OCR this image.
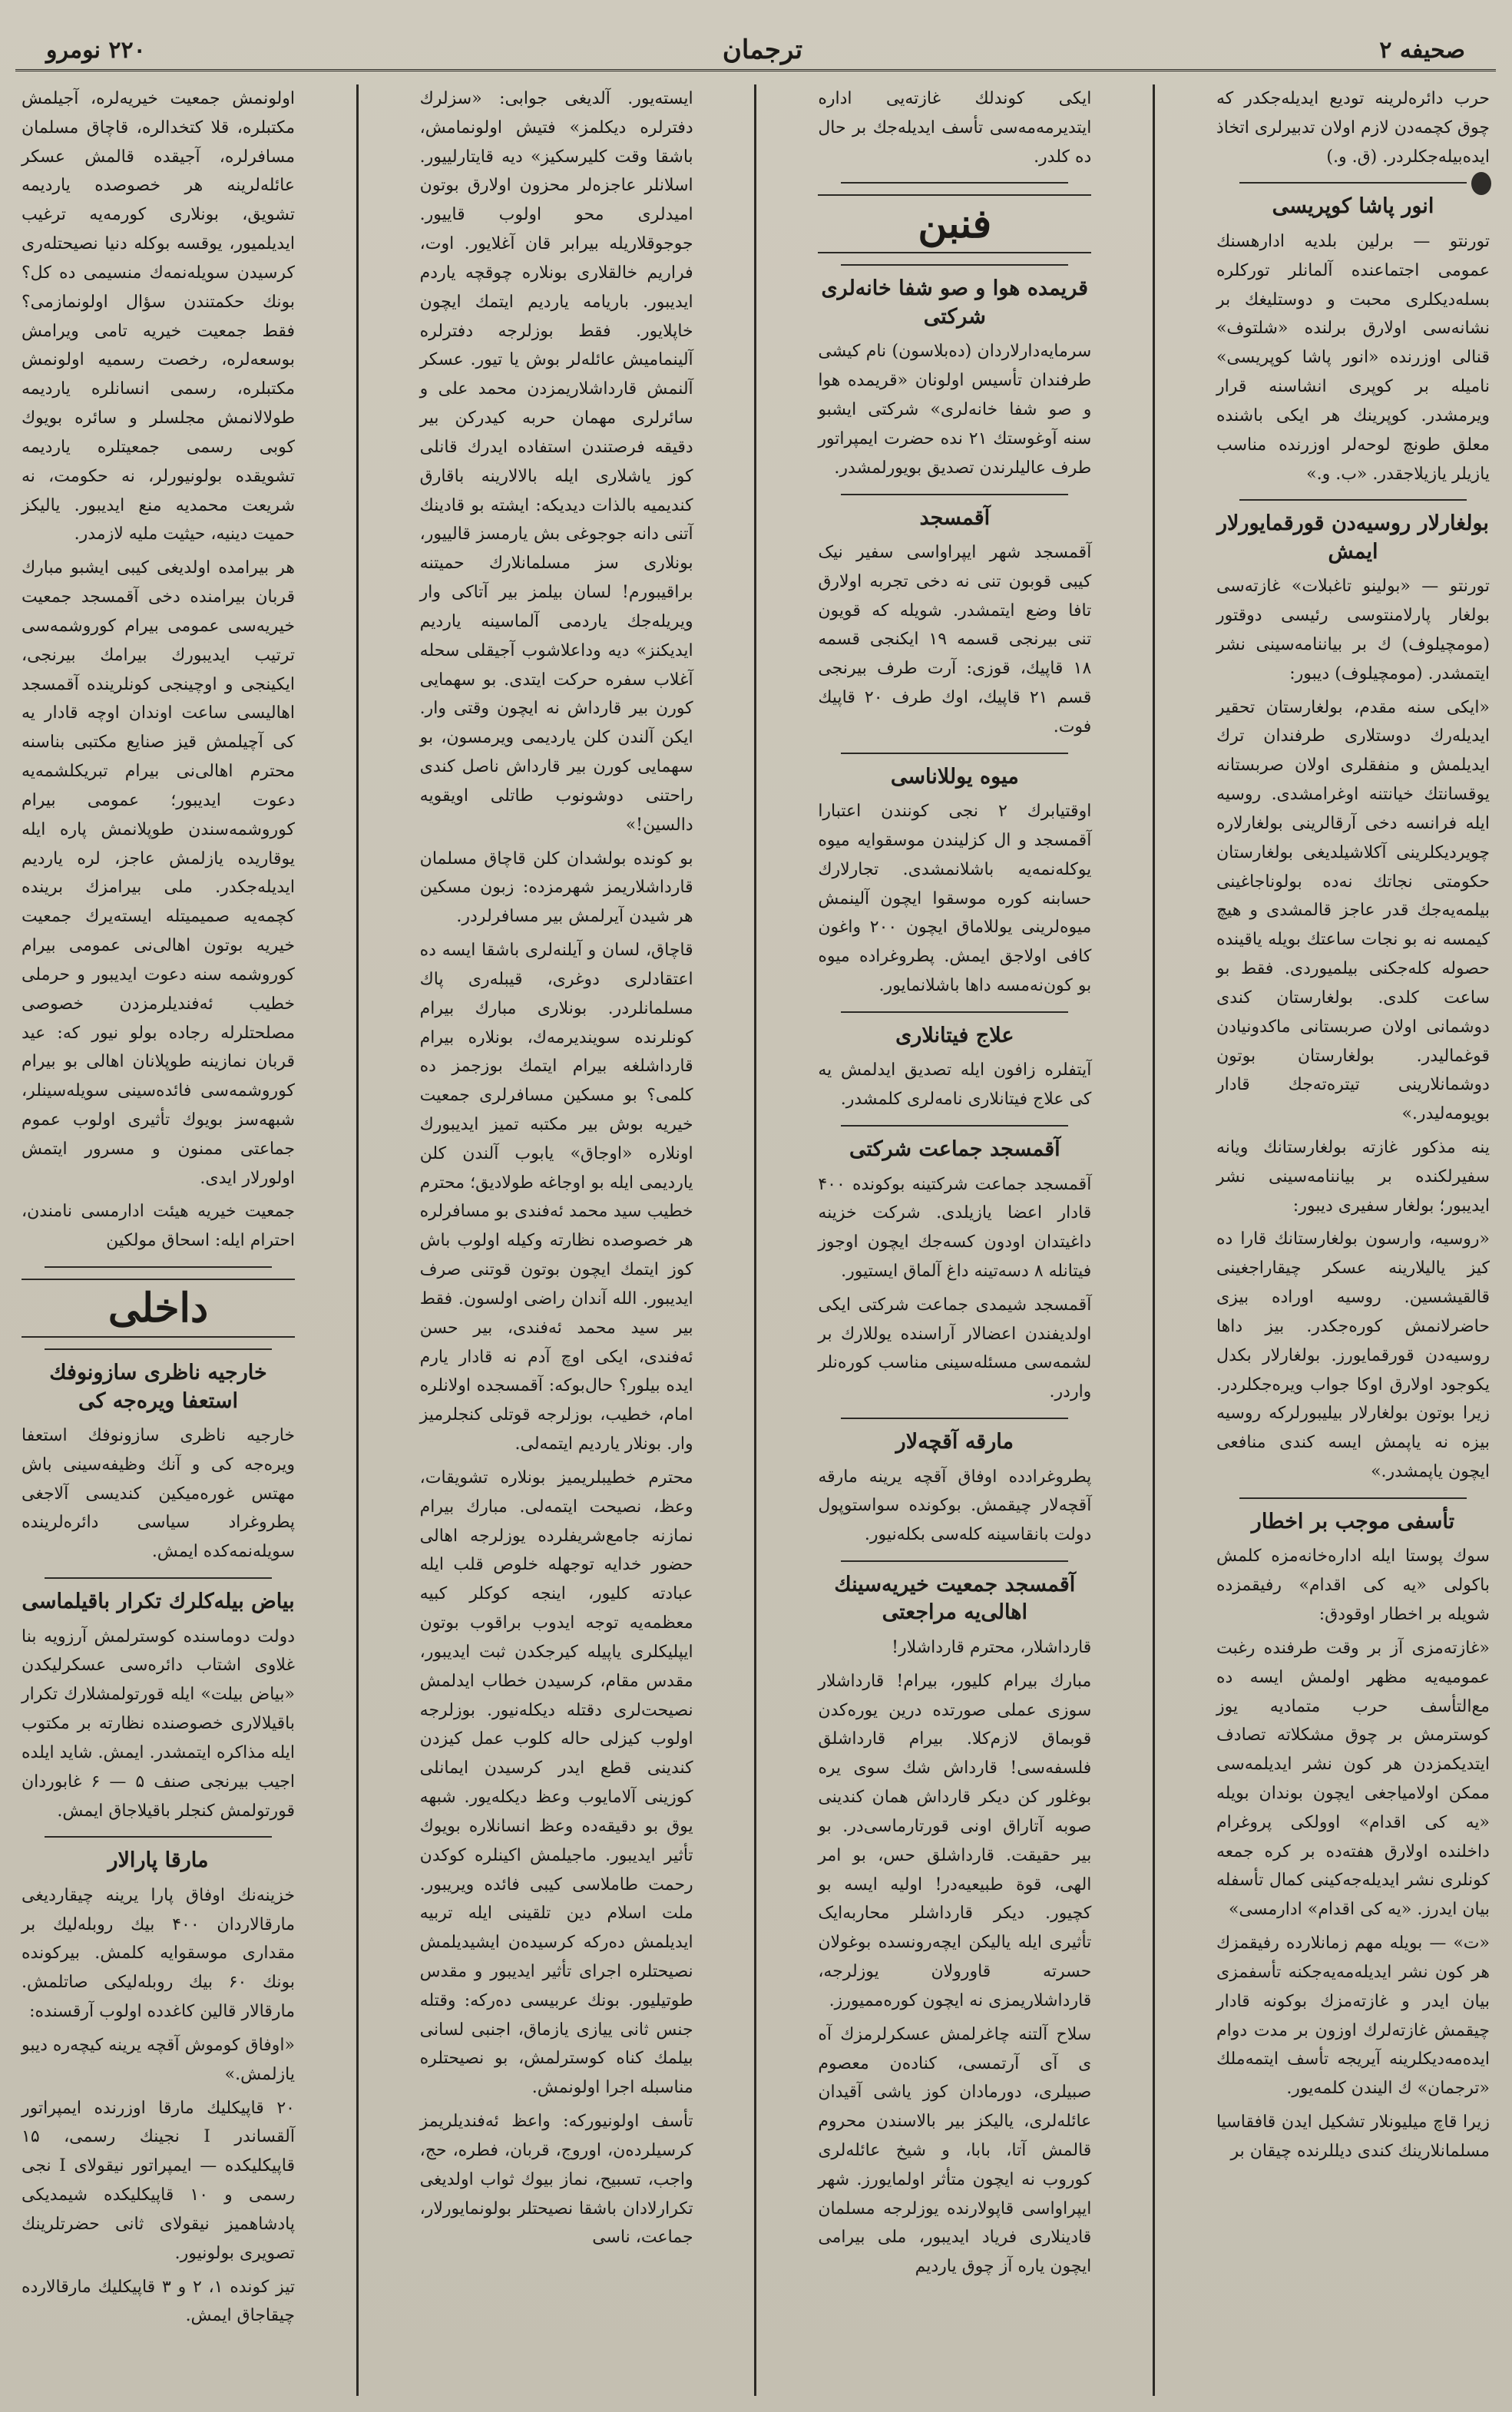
صحیفه ۲
ترجمان
۲۲۰ نومرو

حرب دائره‌لرینه تودیع ایدیله‌جکدر که چوق کچمه‌دن لازم اولان تدبیرلری اتخاذ ایده‌بیله‌جکلردر. (ق. و.)

انور پاشا کوپریسی

تورنتو — برلین بلدیه ادارهسنك عمومی اجتماعنده آلمانلر تورکلره بسله‌دیکلری محبت و دوستلیغك بر نشانه‌سی اولارق برلنده «شلتوف» قنالی اوزرنده «انور پاشا کوپریسی» نامیله بر کوپری انشاسنه قرار ویرمشدر. کوپرینك هر ایکی باشنده معلق طونچ لوحه‌لر اوزرنده مناسب یازیلر یازیلاجقدر. «ب. و.»

بولغارلار روسیه‌دن قورقمایورلار ایمش

تورنتو — «بولینو تاغبلات» غازته‌سی بولغار پارلامنتوسی رئیسی دوقتور (مومچیلوف) ك بر بیاننامه‌سینی نشر ایتمشدر. (مومچیلوف) دیبور:

«ایکی سنه مقدم، بولغارستان تحقیر ایدیله‌رك دوستلاری طرفندان ترك ایدیلمش و منفقلری اولان صربستانه یوقسانتك خیانتنه اوغرامشدی. روسیه ایله فرانسه دخی آرقالرینی بولغارلاره چویردیکلرینی آکلاشیلدیغی بولغارستان حکومتی نجاتك نه‌ده بولوناجاغینی بیلمه‌یه‌جك قدر عاجز قالمشدی و هیچ کیمسه نه بو نجات ساعتك بویله یاقینده حصوله کله‌جکنی بیلمیوردی. فقط بو ساعت کلدی. بولغارستان کندی دوشمانی اولان صربستانی ماکدونیادن قوغمالیدر. بولغارستان بوتون دوشمانلارینی تیتره‌ته‌جك قادار بویومه‌لیدر.»

ینه مذکور غازته بولغارستانك ویانه سفیرلکنده بر بیاننامه‌سینی نشر ایدیبور؛ بولغار سفیری دیبور:

«روسیه، وارسون بولغارستانك قارا ده کیز یالیلارینه عسکر چیقاراجغینی قالقیشسین. روسیه اوراده بیزی حاضرلانمش کوره‌جکدر. بیز داها روسیه‌دن قورقمایورز. بولغارلار بکدل یکوجود اولارق اوکا جواب ویره‌جکلردر. زیرا بوتون بولغارلار بیلیبورلرکه روسیه بیزه نه یاپمش ایسه کندی منافعی ایچون یاپمشدر.»

تأسفی موجب بر اخطار

سوك پوستا ایله اداره‌خانه‌مزه کلمش باکولی «یه کی اقدام» رفیقمزده شویله بر اخطار اوقودق:

«غازته‌مزی آز بر وقت طرفنده رغبت عمومیه‌یه مظهر اولمش ایسه ده مع‌التأسف حرب متمادیه یوز کوسترمش بر چوق مشکلاته تصادف ایتدیکمزدن هر کون نشر ایدیلمه‌سی ممکن اولامیاجغی ایچون بوندان بویله «یه کی اقدام» اوولکی پروغرام داخلنده اولارق هفته‌ده بر کره جمعه کونلری نشر ایدیله‌جه‌کینی کمال تأسفله بیان ایدرز. «یه کی اقدام» ادارمسی»

«ت» — بویله مهم زمانلارده رفیقمزك هر کون نشر ایدیله‌مه‌یه‌جکنه تأسفمزی بیان ایدر و غازته‌مزك بوکونه قادار چیقمش غازته‌لرك اوزون بر مدت دوام ایده‌مه‌دیکلرینه آیریجه تأسف ایتمه‌ملك «ترجمان» ك الیندن کلمه‌یور.

زیرا قاچ میلیونلار تشکیل ایدن قافقاسیا مسلمانلارینك کندی دیللرنده چیقان بر

ایکی کوندلك غازته‌یی اداره ایتدیرمه‌مه‌سی تأسف ایدیله‌جك بر حال ده کلدر.

فنبن
قریمده هوا و صو شفا خانه‌لری شرکتی

سرمایه‌دارلاردان (ده‌بلاسون) نام کیشی طرفندان تأسیس اولونان «قریمده هوا و صو شفا خانه‌لری» شرکتی ایشبو سنه آوغوستك ۲۱ نده حضرت ایمپراتور طرف عالیلرندن تصدیق بویورلمشدر.

آقمسجد

آقمسجد شهر ایپراواسی سفیر نیک کیبی قوبون تنی نه دخی تجربه اولارق تافا وضع ایتمشدر. شویله که قویون تنی بیرنجی قسمه ۱۹ ایکنجی قسمه ۱۸ قاپیك، قوزی: آرت طرف بیرنجی قسم ۲۱ قاپیك، اوك طرف ۲۰ قاپیك فوت.

میوه یوللاناسی

اوقتیابرك ۲ نجی کونندن اعتبارا آقمسجد و ال کزلیندن موسقوایه میوه یوکله‌نمه‌یه باشلانمشدی. تجارلارك حسابنه کوره موسقوا ایچون آلینمش میوه‌لرینی یوللاماق ایچون ۲۰۰ واغون کافی اولاجق ایمش. پطروغراده میوه بو کون‌نه‌مسه داها باشلانمایور.

علاج فیتانلاری

آیتفلره زافون ایله تصدیق ایدلمش یه کی علاج فیتانلاری نامه‌لری کلمشدر.

آقمسجد جماعت شرکتی

آقمسجد جماعت شرکتینه بوکونده ۴۰۰ قادار اعضا یازیلدی. شرکت خزینه داغیتدان اودون کسه‌جك ایچون اوجوز فیتانله ۸ دسه‌تینه داغ آلماق ایستیور.

آقمسجد شیمدی جماعت شرکتی ایکی اولدیفندن اعضالار آراسنده یوللارك بر لشمه‌سی مسئله‌سینی مناسب کوره‌نلر واردر.

مارقه آقچه‌لار

پطروغرادده اوفاق آقچه یرینه مارقه آقچه‌لار چیقمش. بوکونده سواستوپول دولت بانقاسینه کله‌سی بکله‌نیور.

آقمسجد جمعیت خیریه‌سینك اهالی‌یه مراجعتی

قارداشلار، محترم قارداشلار!

مبارك بیرام کلیور، بیرام! قارداشلار سوزی عملی صورتده درین یوره‌کدن قوبماق لازم‌کلا. بیرام قارداشلق فلسفه‌سی! قارداش شك سوی یره بوغلور کن دیکر قارداش همان کندینی صوبه آتاراق اونی قورتارماسی‌در. بو بیر حقیقت. قارداشلق حس، بو امر الهی، قوة طبیعیه‌در! اولیه ایسه بو کچیور. دیکر قارداشلر محاربه‌ایک تأثیری ایله یالیکن ایچه‌رونسده بوغولان حسرته قاورولان یوزلرجه، قارداشلاریمزی نه ایچون کوره‌ممیورز.

سلاح آلتنه چاغرلمش عسکرلرمزك آه ی آی آرتمسی، کناده‌ن معصوم صبیلری، دورمادان کوز یاشی آقیدان عائله‌لری، یالیکز بیر بالاسندن محروم قالمش آتا، بابا، و شیخ عائله‌لری کوروب نه ایچون متأثر اولمایورز. شهر ایپراواسی قاپولارنده یوزلرجه مسلمان قادینلاری فریاد ایدیبور، ملی بیرامی ایچون یاره آز چوق یاردیم

ایسته‌یور. آلدیغی جوابی: «سزلرك دفترلره دیکلمز» فتیش اولونمامش، باشقا وقت کلیرسکیز» دیه قایتارلییور. اسلانلر عاجزه‌لر محزون اولارق بوتون امیدلری محو اولوب قاییور. جوجوقلاریله بیرابر قان آغلایور. اوت، فراریم خالقلاری بونلاره چوقچه یاردم ایدیبور. باریامه یاردیم ایتمك ایچون خاپلایور. فقط بوزلرجه دفترلره آلینمامیش عائله‌لر بوش یا تیور. عسکر آلنمش قارداشلاریمزدن محمد علی و سائرلری مهمان حربه کیدرکن بیر دقیقه فرصتندن استفاده ایدرك قانلی کوز یاشلاری ایله بالالارینه باقارق کندیمیه بالذات دیدیکه: ایشته بو قادینك آتنی دانه جوجوغی بش یارمسز قالییور، بونلاری سز مسلمانلارك حمیتنه براقیبورم! لسان بیلمز بیر آتاکی وار ویریله‌جك یاردمی آلماسینه یاردیم ایدیکنز» دیه وداعلاشوب آجیقلی سحله آغلاب سفره حرکت ایتدی. بو سهمایی کورن بیر قارداش نه ایچون وقتی وار. ایکن آلندن کلن یاردیمی ویرمسون، بو سهمایی کورن بیر قارداش ناصل کندی راحتنی دوشونوب طاتلی اویقویه دالسین!»

بو کونده بولشدان کلن قاچاق مسلمان قارداشلاریمز شهرمزده: زبون مسکین هر شیدن آیرلمش بیر مسافرلردر.

قاچاق، لسان و آیلنه‌لری باشقا ایسه ده اعتقادلری دوغری، قیبله‌ری پاك مسلمانلردر. بونلاری مبارك بیرام کونلرنده سویندیرمه‌ك، بونلاره بیرام قارداشلغه بیرام ایتمك بوزجمز ده کلمی؟ بو مسکین مسافرلری جمعیت خیریه بوش بیر مکتبه تمیز ایدیبورك اونلاره «اوجاق» یابوب آلندن کلن یاردیمی ایله بو اوجاغه طولادیق؛ محترم خطیب سید محمد ئه‌فندی بو مسافرلره هر خصوصده نظارته وکیله اولوب باش کوز ایتمك ایچون بوتون قوتنی صرف ایدیبور. الله آندان راضی اولسون. فقط بیر سید محمد ئه‌فندی، بیر حسن ئه‌فندی، ایکی اوچ آدم نه قادار یارم ایده بیلور؟ حال‌بوکه: آقمسجده اولانلره امام، خطیب، بوزلرجه قوتلی کنجلرمیز وار. بونلار یاردیم ایتمه‌لی.

محترم خطیبلریمیز بونلاره تشویقات، وعظ، نصیحت ایتمه‌لی. مبارك بیرام نمازنه جامع‌شریفلرده یوزلرجه اهالی حضور خدایه توجهله خلوص قلب ایله عبادته کلیور، اینجه کوکلر کبیه معظمه‌یه توجه ایدوب براقوب بوتون ایپلیکلری یاپیله کیرجکدن ثبت ایدیبور، مقدس مقام، کرسیدن خطاب ایدلمش نصیحت‌لری دقتله دیکله‌نیور. بوزلرجه اولوب کیزلی حاله کلوب عمل کیزدن کندینی قطع ایدر کرسیدن ایمانلی کوزینی آلامایوب وعظ دیکله‌یور. شبهه یوق بو دقیقه‌ده وعظ انسانلاره بویوك تأثیر ایدیبور. ماجیلمش اکینلره کوکدن رحمت طاملاسی کیبی فائده ویریبور. ملت اسلام دین تلقینی ایله تربیه ایدیلمش ده‌رکه کرسیده‌ن ایشیدیلمش نصیحتلره اجرای تأثیر ایدیبور و مقدس طوتیلیور. بونك عربیسی ده‌رکه: وقتله جنس ثانی ییازی یازماق، اجنبی لسانی بیلمك کناه کوسترلمش، بو نصیحتلره مناسبله اجرا اولونمش.

تأسف اولونیورکه: واعظ ئه‌فندیلریمز کرسیلرده‌ن، اوروج، قربان، فطره، حج، واجب، تسبیح، نماز بیوك ثواب اولدیغی تکرارلادان باشقا نصیحتلر بولونمایورلار، جماعت، ناسی

اولونمش جمعیت خیریه‌لره، آجیلمش مکتبلره، قلا کتخدا‌لره، قاچاق مسلمان مسافرلره، آجیقده قالمش عسکر عائله‌لرینه هر خصوصده یاردیمه تشویق، بونلاری کورمه‌یه ترغیب ایدیلمیور، یوقسه بوکله دنیا نصیحتله‌ری کرسیدن سویله‌نمه‌ك منسیمی ده کل؟ بونك حکمتندن سؤال اولونمازمی؟ فقط جمعیت خیریه تامی ویرامش بوسعه‌لره، رخصت رسمیه اولونمش مکتبلره، رسمی انسانلره یاردیمه طولالانمش مجلسلر و سائره بویوك کوبی رسمی جمعیتلره یاردیمه تشویقده بولونیورلر، نه حکومت، نه شریعت محمدیه منع ایدیبور. یالیکز حمیت دینیه، حیثیت ملیه لازمدر.

هر بیرامده اولدیغی کیبی ایشبو مبارك قربان بیرامنده دخی آقمسجد جمعیت خیریه‌سی عمومی بیرام کوروشمه‌سی ترتیب ایدیبورك بیرامك بیرنجی، ایکینجی و اوچینجی کونلرینده آقمسجد اهالیسی ساعت اوندان اوچه قادار یه کی آچیلمش قیز صنایع مکتبی بناسنه محترم اهالی‌نی بیرام تبریکلشمه‌یه دعوت ایدیبور؛ عمومی بیرام کوروشمه‌سندن طوپلانمش پاره ایله یوقاریده یازلمش عاجز، لره یاردیم ایدیله‌جکدر. ملی بیرامزك برینده کچمه‌یه صمیمیتله ایسته‌یرك جمعیت خیریه بوتون اهالی‌نی عمومی بیرام کوروشمه سنه دعوت ایدیبور و حرملی خطیب ئه‌فندیلرمزدن خصوصی مصلحتلرله رجاده بولو نیور که: عید قربان نمازینه طوپلانان اهالی بو بیرام کوروشمه‌سی فائده‌سینی سویله‌سینلر، شبهه‌سز بویوك تأثیری اولوب عموم جماعتی ممنون و مسرور ایتمش اولورلار ایدی.

جمعیت خیریه هیئت ادارمسی نامندن، احترام ایله: اسحاق مولکین

داخلی
خارجیه ناظری سازونوفك استعفا ویره‌جه کی

خارجیه ناظری سازونوفك استعفا ویره‌جه کی و آنك وظیفه‌سینی باش مهتس غوره‌میکین کندیسی آلاجغی پطروغراد سیاسی دائره‌لرینده سویله‌نمه‌کده ایمش.

بیاض بیله‌کلرك تکرار باقیلماسی

دولت دوماسنده کوسترلمش آرزویه بنا غلاوی اشتاب دائره‌سی عسکرلیکدن «بیاض بیلت» ایله قورتولمشلارك تکرار باقیلالاری خصوصنده نظارته بر مکتوب ایله مذاکره ایتمشدر. ایمش. شاید ایلده اجیب بیرنجی صنف ۵ — ۶ غابوردان قورتولمش کنجلر باقیلاجاق ایمش.

مارقا پارالار

خزینه‌نك اوفاق پارا یرینه چیقاردیغی مارقالاردان ۴۰۰ بیك روبله‌لیك بر مقداری موسقوایه کلمش. بیرکونده بونك ۶۰ بیك روبله‌لیکی صاتلمش. مارقالار قالین کاغدده اولوب آرقسنده:

«اوفاق کوموش آقچه یرینه کیچه‌ره دیبو یازلمش.»

۲۰ قاپیکلیك مارقا اوزرنده ایمپراتور آلقساندر I نجینك رسمی، ۱۵ قاپیکلیکده — ایمپراتور نیقولای I نجی رسمی و ۱۰ قاپیکلیکده شیمدیکی پادشاهمیز نیقولای ثانی حضرتلرینك تصویری بولونیور.

تیز کونده ۱، ۲ و ۳ قاپیکلیك مارقالارده چیقاجاق ایمش.
